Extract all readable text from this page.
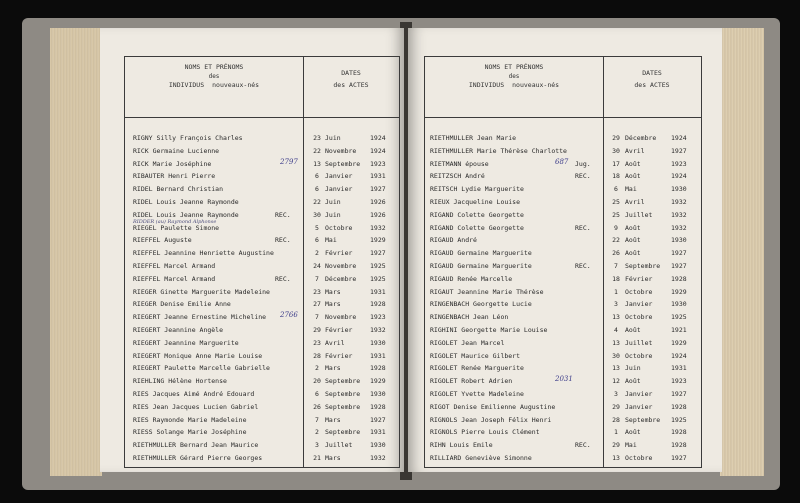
NOMS ET PRÉNOMS
des
INDIVIDUS nouveaux-nés
DATES
des ACTES
RIGNY Silly François Charles	23 Juin	1924
RICK Germaine Lucienne	22 Novembre 1924
RICK Marie Joséphine	13 Septembre 1923
2797
RIBAUTER Henri Pierre	6 Janvier	1931
RIDEL Bernard Christian	6 Janvier	1927
RIDEL Louis Jeanne Raymonde	22 Juin	1926
RIDEL Louis Jeanne Raymonde	REC.	30 Juin	1926
RIDDER (au) Raymond Alphonse
RIEGEL Paulette Simone	5 Octobre	1932
RIEFFEL Auguste	REC.	6 Mai	1929
RIEFFEL Jeannine Henriette Augustine	2 Février	1927
RIEFFEL Marcel Armand	24 Novembre 1925
RIEFFEL Marcel Armand	REC.	7 Décembre 1925
RIEGER Ginette Marguerite Madeleine	23 Mars	1931
RIEGER Denise Emilie Anne	27 Mars	1928
RIEGERT Jeanne Ernestine Micheline	7 Novembre 1923
2766
RIEGERT Jeannine Angèle	29 Février	1932
RIEGERT Jeannine Marguerite	23 Avril	1930
RIEGERT Monique Anne Marie Louise	28 Février	1931
RIEGERT Paulette Marcelle Gabrielle	2 Mars	1928
RIEHLING Hélène Hortense	20 Septembre 1929
RIES Jacques Aimé André Edouard	6 Septembre 1930
RIES Jean Jacques Lucien Gabriel	26 Septembre 1928
RIES Raymonde Marie Madeleine	7 Mars	1927
RIESS Solange Marie Joséphine	2 Septembre 1931
RIETHMULLER Bernard Jean Maurice	3 Juillet	1930
RIETHMULLER Gérard Pierre Georges	21 Mars	1932
NOMS ET PRÉNOMS
des
INDIVIDUS nouveaux-nés
DATES
des ACTES
RIETHMULLER Jean Marie	29 Décembre 1924
RIETHMULLER Marie Thérèse Charlotte	30 Avril	1927
RIETMANN épouse	Jug.	17 Août	1923
687
REITZSCH André	REC.	18 Août	1924
REITSCH Lydie Marguerite	6	Mai	1930
RIEUX Jacqueline Louise	25 Avril	1932
RIGAND Colette Georgette	25 Juillet	1932
RIGAND Colette Georgette	REC.	9	Août	1932
RIGAUD André	22 Août	1930
RIGAUD Germaine Marguerite	26 Août	1927
RIGAUD Germaine Marguerite	REC.	7	Septembre 1927
RIGAUD Renée Marcelle	18 Février	1928
RIGAUT Jeannine Marie Thérèse	1	Octobre	1929
RINGENBACH Georgette Lucie	3	Janvier	1930
RINGENBACH Jean Léon	13 Octobre	1925
RIGHINI Georgette Marie Louise	4	Août	1921
RIGOLET Jean Marcel	13 Juillet	1929
RIGOLET Maurice Gilbert	30 Octobre	1924
RIGOLET Renée Marguerite	13 Juin	1931
RIGOLET Robert Adrien	12 Août	1923
2031
RIGOLET Yvette Madeleine	3	Janvier	1927
RIGOT Denise Emilienne Augustine	29 Janvier	1928
RIGNOLS Jean Joseph Félix Henri	28 Septembre 1925
RIGNOLS Pierre Louis Clément	1	Août	1928
RIHN Louis Emile	REC.	29 Mai	1928
RILLIARD Geneviève Simonne	13 Octobre	1927
